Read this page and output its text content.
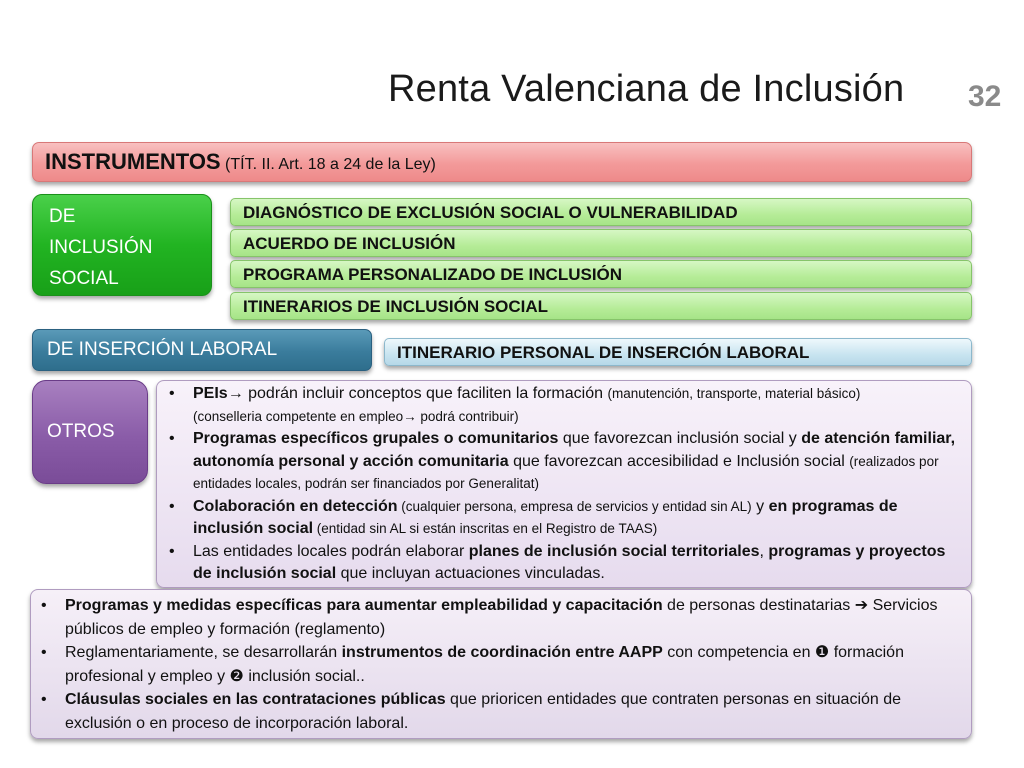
Renta Valenciana de Inclusión 32
INSTRUMENTOS (TÍT. II. Art. 18 a 24 de la Ley)
DE
INCLUSIÓN
SOCIAL
DIAGNÓSTICO DE EXCLUSIÓN SOCIAL O VULNERABILIDAD
ACUERDO DE INCLUSIÓN
PROGRAMA PERSONALIZADO DE INCLUSIÓN
ITINERARIOS DE INCLUSIÓN SOCIAL
DE INSERCIÓN LABORAL	ITINERARIO PERSONAL DE INSERCIÓN LABORAL
OTROS
• PEIs→ podrán incluir conceptos que faciliten la formación (manutención, transporte, material básico)
(conselleria competente en empleo→ podrá contribuir)
• Programas específicos grupales o comunitarios que favorezcan inclusión social y de atención familiar, autonomía personal y acción comunitaria que favorezcan accesibilidad e Inclusión social (realizados por entidades locales, podrán ser financiados por Generalitat)
• Colaboración en detección (cualquier persona, empresa de servicios y entidad sin AL) y en programas de inclusión social (entidad sin AL si están inscritas en el Registro de TAAS)
• Las entidades locales podrán elaborar planes de inclusión social territoriales, programas y proyectos de inclusión social que incluyan actuaciones vinculadas.
• Programas y medidas específicas para aumentar empleabilidad y capacitación de personas destinatarias ➔ Servicios públicos de empleo y formación (reglamento)
• Reglamentariamente, se desarrollarán instrumentos de coordinación entre AAPP con competencia en ❶ formación profesional y empleo y ❷ inclusión social..
• Cláusulas sociales en las contrataciones públicas que prioricen entidades que contraten personas en situación de exclusión o en proceso de incorporación laboral.
